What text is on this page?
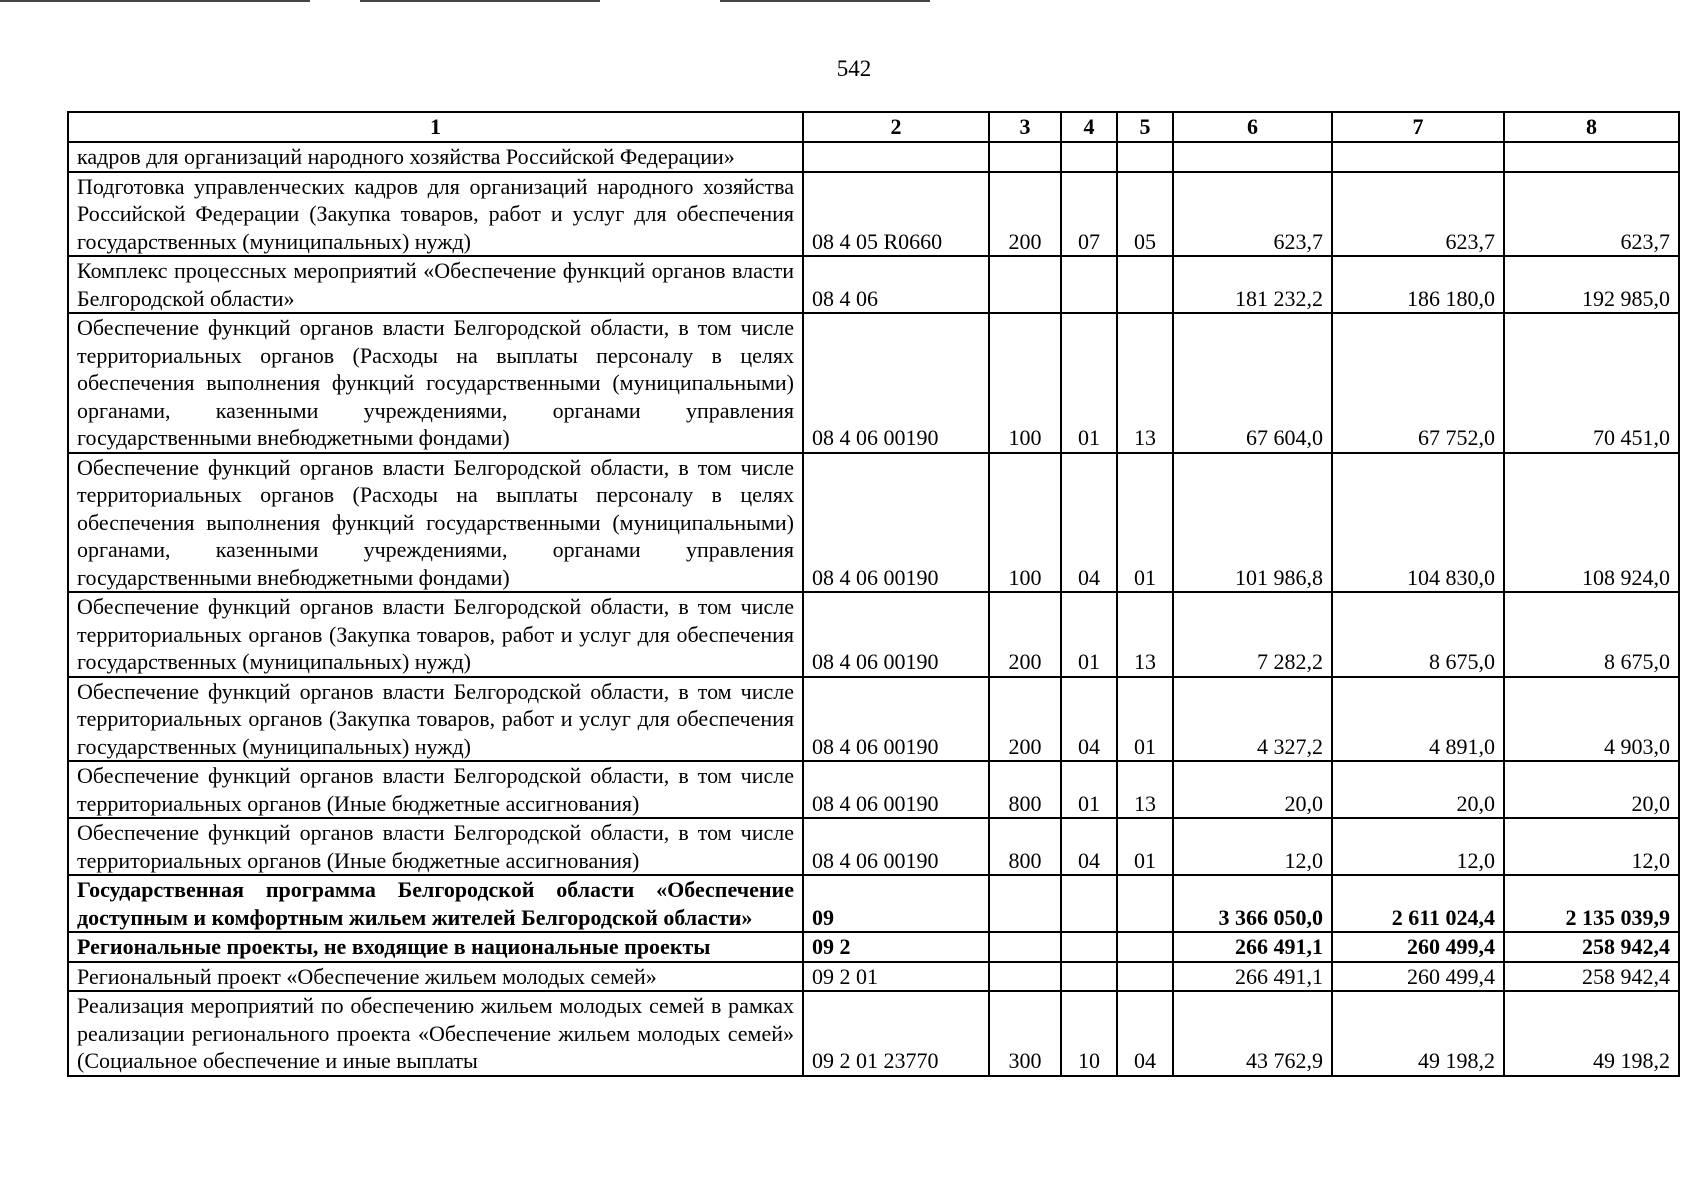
542
1	2	3	4	5	6	7	8
кадров для организаций народного хозяйства Российской Федерации»							
Подготовка управленческих кадров для организаций народного хозяйства Российской Федерации (Закупка товаров, работ и услуг для обеспечения государственных (муниципальных) нужд)	08 4 05 R0660	200	07	05	623,7	623,7	623,7
Комплекс процессных мероприятий «Обеспечение функций органов власти Белгородской области»	08 4 06				181 232,2	186 180,0	192 985,0
Обеспечение функций органов власти Белгородской области, в том числе территориальных органов (Расходы на выплаты персоналу в целях обеспечения выполнения функций государственными (муниципальными) органами, казенными учреждениями, органами управления государственными внебюджетными фондами)	08 4 06 00190	100	01	13	67 604,0	67 752,0	70 451,0
Обеспечение функций органов власти Белгородской области, в том числе территориальных органов (Расходы на выплаты персоналу в целях обеспечения выполнения функций государственными (муниципальными) органами, казенными учреждениями, органами управления государственными внебюджетными фондами)	08 4 06 00190	100	04	01	101 986,8	104 830,0	108 924,0
Обеспечение функций органов власти Белгородской области, в том числе территориальных органов (Закупка товаров, работ и услуг для обеспечения государственных (муниципальных) нужд)	08 4 06 00190	200	01	13	7 282,2	8 675,0	8 675,0
Обеспечение функций органов власти Белгородской области, в том числе территориальных органов (Закупка товаров, работ и услуг для обеспечения государственных (муниципальных) нужд)	08 4 06 00190	200	04	01	4 327,2	4 891,0	4 903,0
Обеспечение функций органов власти Белгородской области, в том числе территориальных органов (Иные бюджетные ассигнования)	08 4 06 00190	800	01	13	20,0	20,0	20,0
Обеспечение функций органов власти Белгородской области, в том числе территориальных органов (Иные бюджетные ассигнования)	08 4 06 00190	800	04	01	12,0	12,0	12,0
Государственная программа Белгородской области «Обеспечение доступным и комфортным жильем жителей Белгородской области»	09				3 366 050,0	2 611 024,4	2 135 039,9
Региональные проекты, не входящие в национальные проекты	09 2				266 491,1	260 499,4	258 942,4
Региональный проект «Обеспечение жильем молодых семей»	09 2 01				266 491,1	260 499,4	258 942,4
Реализация мероприятий по обеспечению жильем молодых семей в рамках реализации регионального проекта «Обеспечение жильем молодых семей» (Социальное обеспечение и иные выплаты	09 2 01 23770	300	10	04	43 762,9	49 198,2	49 198,2
